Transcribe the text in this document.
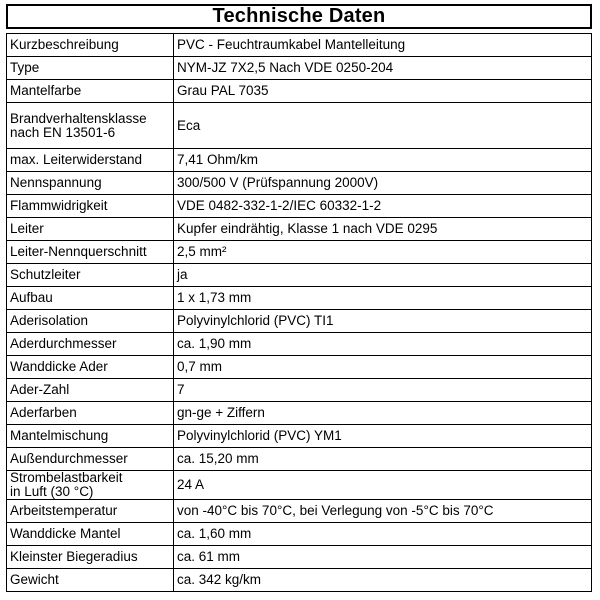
Technische Daten
Kurzbeschreibung	PVC - Feuchtraumkabel Mantelleitung
Type	NYM-JZ 7X2,5 Nach VDE 0250-204
Mantelfarbe	Grau PAL 7035
Brandverhaltensklasse
nach EN 13501-6	Eca
max. Leiterwiderstand	7,41 Ohm/km
Nennspannung	300/500 V (Prüfspannung 2000V)
Flammwidrigkeit	VDE 0482-332-1-2/IEC 60332-1-2
Leiter	Kupfer eindrähtig, Klasse 1 nach VDE 0295
Leiter-Nennquerschnitt	2,5 mm²
Schutzleiter	ja
Aufbau	1 x 1,73 mm
Aderisolation	Polyvinylchlorid (PVC) TI1
Aderdurchmesser	ca. 1,90 mm
Wanddicke Ader	0,7 mm
Ader-Zahl	7
Aderfarben	gn-ge + Ziffern
Mantelmischung	Polyvinylchlorid (PVC) YM1
Außendurchmesser	ca. 15,20 mm
Strombelastbarkeit
in Luft (30 °C)	24 A
Arbeitstemperatur	von -40°C bis 70°C, bei Verlegung von -5°C bis 70°C
Wanddicke Mantel	ca. 1,60 mm
Kleinster Biegeradius	ca. 61 mm
Gewicht	ca. 342 kg/km
